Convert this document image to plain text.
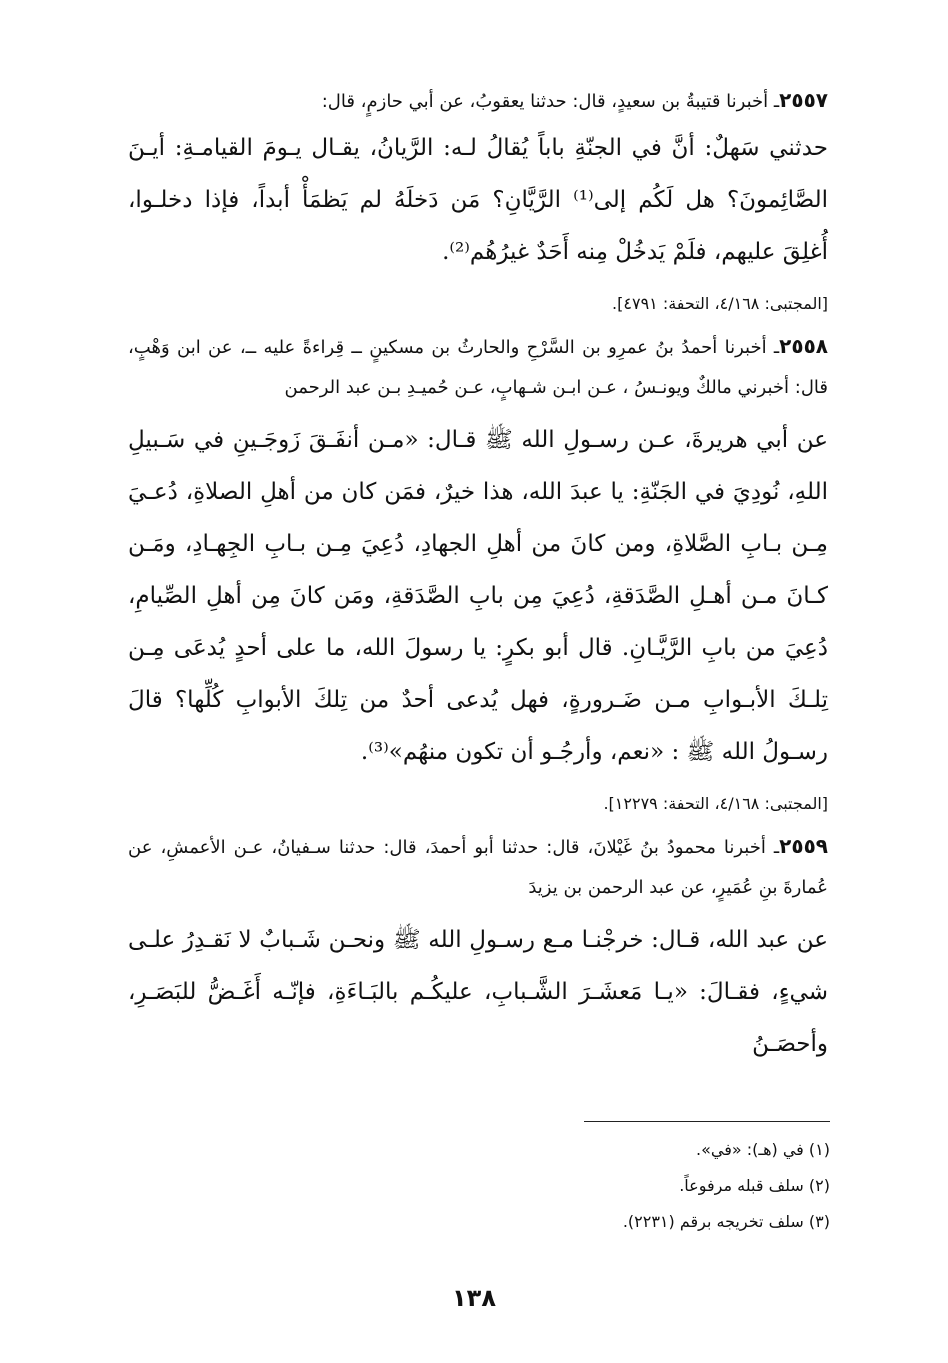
٢٥٥٧ـ أخبرنا قتيبةُ بن سعيدٍ، قال: حدثنا يعقوبُ، عن أبي حازمٍ، قال:

حدثني سَهلٌ: أنَّ في الجنّةِ باباً يُقالُ لـه: الرَّيانُ، يقـال يـومَ القيامـةِ: أيـنَ الصَّائِمونَ؟ هل لَكُم إلى⁽¹⁾ الرَّيَّانِ؟ مَن دَخلَهُ لم يَظمَأْ أبداً، فإذا دخلـوا، أُغلِقَ عليهم، فلَمْ يَدخُلْ مِنه أَحَدٌ غيرُهُم⁽²⁾.

[المجتبى: ٤/١٦٨، التحفة: ٤٧٩١].

٢٥٥٨ـ أخبرنا أحمدُ بنُ عمرِو بن السَّرْحِ والحارثُ بن مسكينٍ ــ قِراءةً عليه ــ، عن ابن وَهْبٍ، قال: أخبرني مالكٌ ويونـسُ ، عـن ابـن شـهابٍ، عـن حُميـدِ بـن عبد الرحمن

عن أبي هريرةَ، عـن رسـولِ الله ﷺ قـال: «مـن أنفَـقَ زَوجَـينِ في سَـبيلِ اللهِ، نُودِيَ في الجَنّةِ: يا عبدَ الله، هذا خيرٌ، فمَن كان من أهلِ الصلاةِ، دُعـيَ مِـن بـابِ الصَّلاةِ، ومن كانَ من أهلِ الجهادِ، دُعِيَ مِـن بـابِ الجِهـادِ، ومَـن كـانَ مـن أهـلِ الصَّدَقةِ، دُعِيَ مِن بابِ الصَّدَقةِ، ومَن كانَ مِن أهلِ الصِّيامِ، دُعِيَ من بابِ الرَّيَّـانِ. قال أبو بكرٍ: يا رسولَ الله، ما على أحدٍ يُدعَى مِـن تِلـكَ الأبـوابِ مـن ضَـرورةٍ، فهل يُدعى أحدٌ من تِلكَ الأبوابِ كُلِّها؟ قالَ رسـولُ الله ﷺ : «نعم، وأرجُـو أن تكون منهُم»⁽³⁾.

[المجتبى: ٤/١٦٨، التحفة: ١٢٢٧٩].

٢٥٥٩ـ أخبرنا محمودُ بنُ غَيْلانَ، قال: حدثنا أبو أحمدَ، قال: حدثنا سـفيانُ، عـن الأعمشِ، عن عُمارةَ بنِ عُمَيرٍ، عن عبد الرحمن بن يزيدَ

عن عبد الله، قـال: خرجْنـا مـع رسـولِ الله ﷺ ونحـن شَـبابٌ لا نَقـدِرُ علـى شيءٍ، فقـالَ: «يـا مَعشَـرَ الشَّـبابِ، عليكُـم بالبَـاءَةِ، فإنّـه أَغَـضُّ للبَصَـرِ، وأحصَـنُ

(١) في (هـ): «في».

(٢) سلف قبله مرفوعاً.

(٣) سلف تخريجه برقم (٢٢٣١).

١٣٨
